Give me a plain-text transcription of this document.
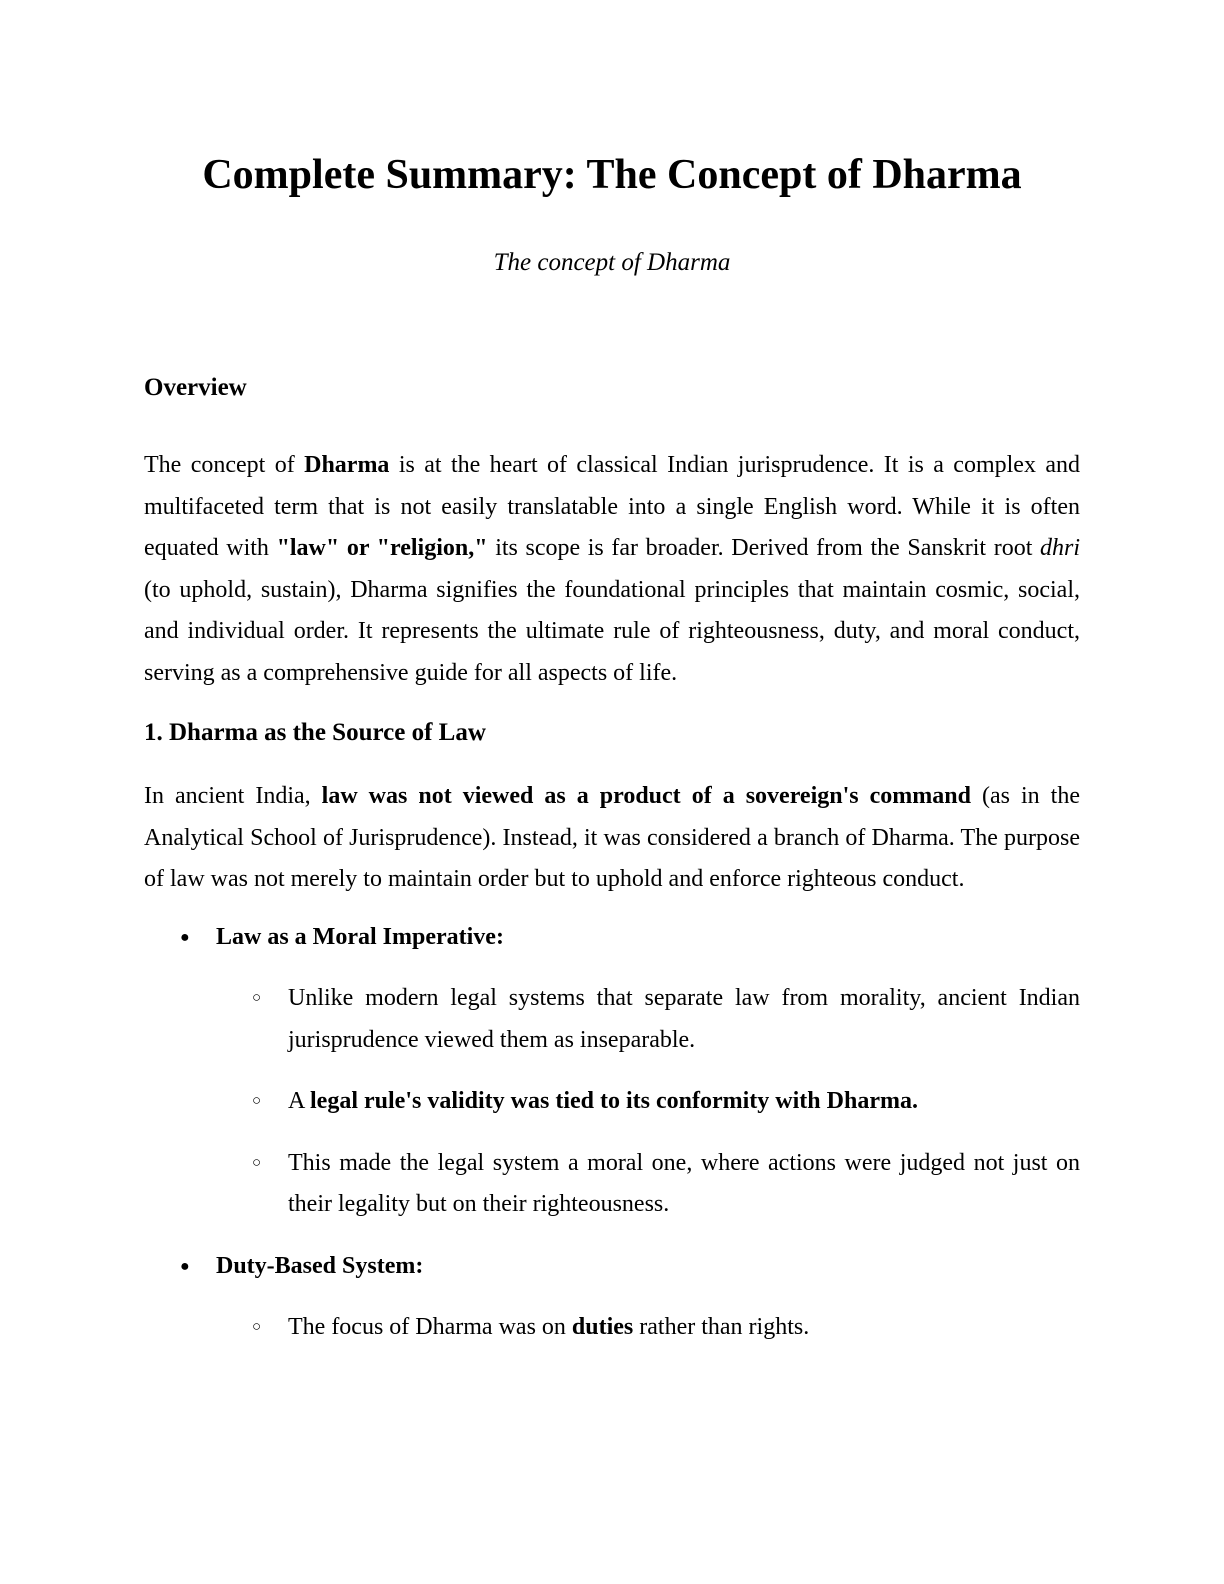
Complete Summary: The Concept of Dharma

The concept of Dharma

Overview

The concept of Dharma is at the heart of classical Indian jurisprudence. It is a complex and multifaceted term that is not easily translatable into a single English word. While it is often equated with "law" or "religion," its scope is far broader. Derived from the Sanskrit root dhri (to uphold, sustain), Dharma signifies the foundational principles that maintain cosmic, social, and individual order. It represents the ultimate rule of righteousness, duty, and moral conduct, serving as a comprehensive guide for all aspects of life.

1. Dharma as the Source of Law

In ancient India, law was not viewed as a product of a sovereign's command (as in the Analytical School of Jurisprudence). Instead, it was considered a branch of Dharma. The purpose of law was not merely to maintain order but to uphold and enforce righteous conduct.

● Law as a Moral Imperative:
○ Unlike modern legal systems that separate law from morality, ancient Indian jurisprudence viewed them as inseparable.
○ A legal rule's validity was tied to its conformity with Dharma.
○ This made the legal system a moral one, where actions were judged not just on their legality but on their righteousness.
● Duty-Based System:
○ The focus of Dharma was on duties rather than rights.
